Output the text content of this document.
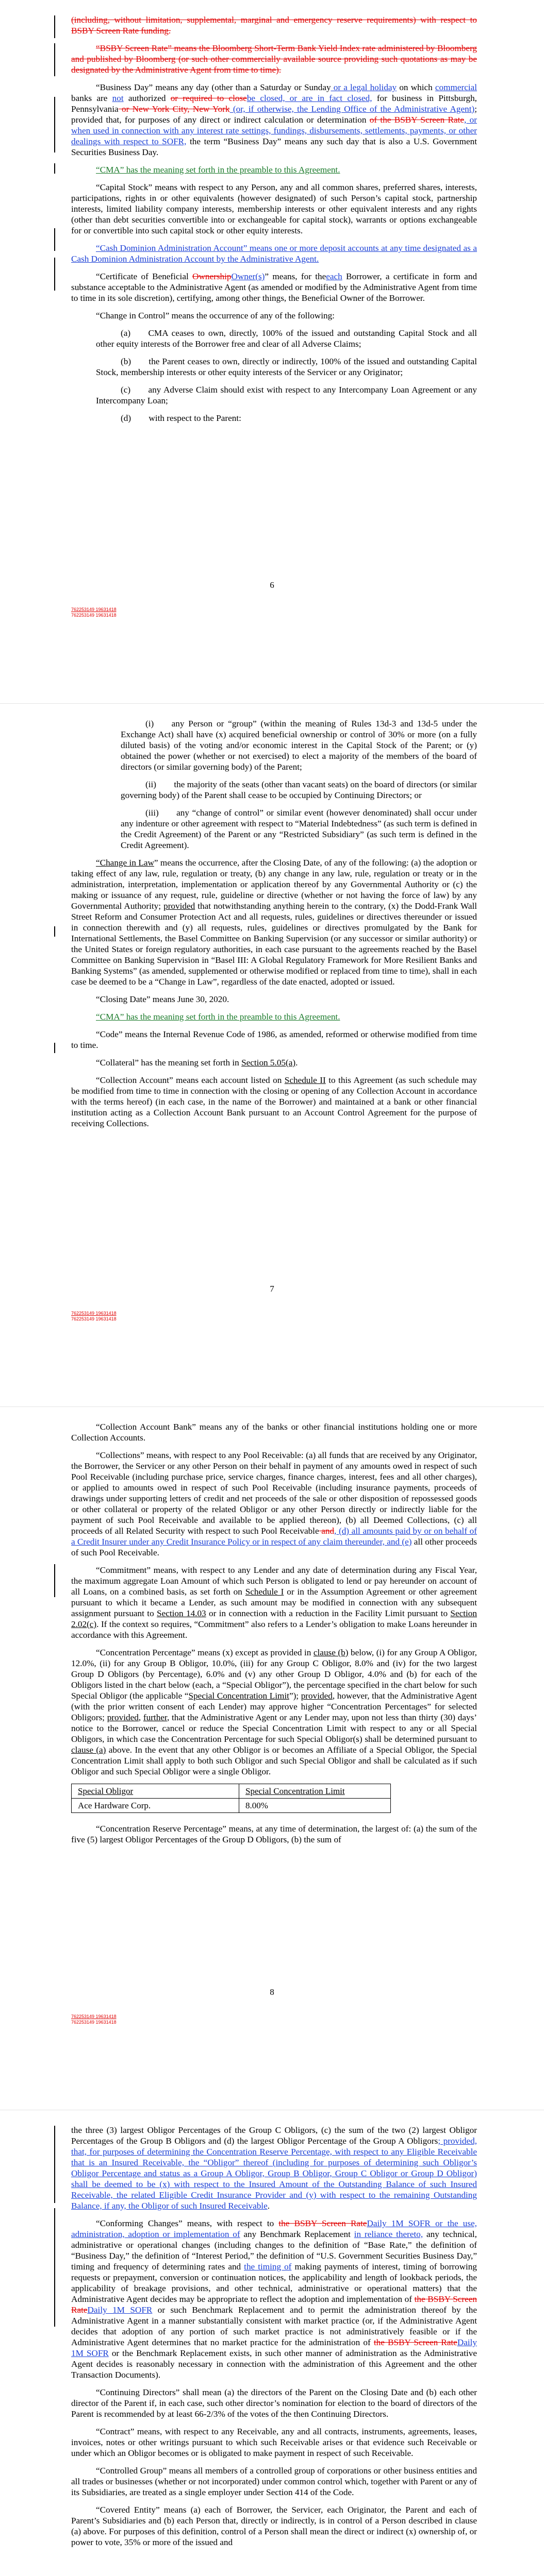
(including, without limitation, supplemental, marginal and emergency reserve requirements) with respect to BSBY Screen Rate funding.

“BSBY Screen Rate” means the Bloomberg Short-Term Bank Yield Index rate administered by Bloomberg and published by Bloomberg (or such other commercially available source providing such quotations as may be designated by the Administrative Agent from time to time).

“Business Day” means any day (other than a Saturday or Sunday or a legal holiday on which commercial banks are not authorized or required to closebe closed, or are in fact closed, for business in Pittsburgh, Pennsylvania or New York City, New York (or, if otherwise, the Lending Office of the Administrative Agent); provided that, for purposes of any direct or indirect calculation or determination of the BSBY Screen Rate, or when used in connection with any interest rate settings, fundings, disbursements, settlements, payments, or other dealings with respect to SOFR, the term “Business Day” means any such day that is also a U.S. Government Securities Business Day.

“CMA” has the meaning set forth in the preamble to this Agreement.

“Capital Stock” means with respect to any Person, any and all common shares, preferred shares, interests, participations, rights in or other equivalents (however designated) of such Person’s capital stock, partnership interests, limited liability company interests, membership interests or other equivalent interests and any rights (other than debt securities convertible into or exchangeable for capital stock), warrants or options exchangeable for or convertible into such capital stock or other equity interests.

“Cash Dominion Administration Account” means one or more deposit accounts at any time designated as a Cash Dominion Administration Account by the Administrative Agent.

“Certificate of Beneficial OwnershipOwner(s)” means, for theeach Borrower, a certificate in form and substance acceptable to the Administrative Agent (as amended or modified by the Administrative Agent from time to time in its sole discretion), certifying, among other things, the Beneficial Owner of the Borrower.

“Change in Control” means the occurrence of any of the following:

(a)  CMA ceases to own, directly, 100% of the issued and outstanding Capital Stock and all other equity interests of the Borrower free and clear of all Adverse Claims;

(b)  the Parent ceases to own, directly or indirectly, 100% of the issued and outstanding Capital Stock, membership interests or other equity interests of the Servicer or any Originator;

(c)  any Adverse Claim should exist with respect to any Intercompany Loan Agreement or any Intercompany Loan;

(d)  with respect to the Parent:

6
762253149 19631418
762253149 19631418

(i)  any Person or “group” (within the meaning of Rules 13d-3 and 13d-5 under the Exchange Act) shall have (x) acquired beneficial ownership or control of 30% or more (on a fully diluted basis) of the voting and/or economic interest in the Capital Stock of the Parent; or (y) obtained the power (whether or not exercised) to elect a majority of the members of the board of directors (or similar governing body) of the Parent;

(ii)  the majority of the seats (other than vacant seats) on the board of directors (or similar governing body) of the Parent shall cease to be occupied by Continuing Directors; or

(iii)  any “change of control” or similar event (however denominated) shall occur under any indenture or other agreement with respect to “Material Indebtedness” (as such term is defined in the Credit Agreement) of the Parent or any “Restricted Subsidiary” (as such term is defined in the Credit Agreement).

“Change in Law” means the occurrence, after the Closing Date, of any of the following: (a) the adoption or taking effect of any law, rule, regulation or treaty, (b) any change in any law, rule, regulation or treaty or in the administration, interpretation, implementation or application thereof by any Governmental Authority or (c) the making or issuance of any request, rule, guideline or directive (whether or not having the force of law) by any Governmental Authority; provided that notwithstanding anything herein to the contrary, (x) the Dodd-Frank Wall Street Reform and Consumer Protection Act and all requests, rules, guidelines or directives thereunder or issued in connection therewith and (y) all requests, rules, guidelines or directives promulgated by the Bank for International Settlements, the Basel Committee on Banking Supervision (or any successor or similar authority) or the United States or foreign regulatory authorities, in each case pursuant to the agreements reached by the Basel Committee on Banking Supervision in “Basel III: A Global Regulatory Framework for More Resilient Banks and Banking Systems” (as amended, supplemented or otherwise modified or replaced from time to time), shall in each case be deemed to be a “Change in Law”, regardless of the date enacted, adopted or issued.

“Closing Date” means June 30, 2020.

“CMA” has the meaning set forth in the preamble to this Agreement.

“Code” means the Internal Revenue Code of 1986, as amended, reformed or otherwise modified from time to time.

“Collateral” has the meaning set forth in Section 5.05(a).

“Collection Account” means each account listed on Schedule II to this Agreement (as such schedule may be modified from time to time in connection with the closing or opening of any Collection Account in accordance with the terms hereof) (in each case, in the name of the Borrower) and maintained at a bank or other financial institution acting as a Collection Account Bank pursuant to an Account Control Agreement for the purpose of receiving Collections.

7
762253149 19631418
762253149 19631418

“Collection Account Bank” means any of the banks or other financial institutions holding one or more Collection Accounts.

“Collections” means, with respect to any Pool Receivable: (a) all funds that are received by any Originator, the Borrower, the Servicer or any other Person on their behalf in payment of any amounts owed in respect of such Pool Receivable (including purchase price, service charges, finance charges, interest, fees and all other charges), or applied to amounts owed in respect of such Pool Receivable (including insurance payments, proceeds of drawings under supporting letters of credit and net proceeds of the sale or other disposition of repossessed goods or other collateral or property of the related Obligor or any other Person directly or indirectly liable for the payment of such Pool Receivable and available to be applied thereon), (b) all Deemed Collections, (c) all proceeds of all Related Security with respect to such Pool Receivable and, (d) all amounts paid by or on behalf of a Credit Insurer under any Credit Insurance Policy or in respect of any claim thereunder, and (e) all other proceeds of such Pool Receivable.

“Commitment” means, with respect to any Lender and any date of determination during any Fiscal Year, the maximum aggregate Loan Amount of which such Person is obligated to lend or pay hereunder on account of all Loans, on a combined basis, as set forth on Schedule I or in the Assumption Agreement or other agreement pursuant to which it became a Lender, as such amount may be modified in connection with any subsequent assignment pursuant to Section 14.03 or in connection with a reduction in the Facility Limit pursuant to Section 2.02(c). If the context so requires, “Commitment” also refers to a Lender’s obligation to make Loans hereunder in accordance with this Agreement.

“Concentration Percentage” means (x) except as provided in clause (b) below, (i) for any Group A Obligor, 12.0%, (ii) for any Group B Obligor, 10.0%, (iii) for any Group C Obligor, 8.0% and (iv) for the two largest Group D Obligors (by Percentage), 6.0% and (v) any other Group D Obligor, 4.0% and (b) for each of the Obligors listed in the chart below (each, a “Special Obligor”), the percentage specified in the chart below for such Special Obligor (the applicable “Special Concentration Limit”); provided, however, that the Administrative Agent (with the prior written consent of each Lender) may approve higher “Concentration Percentages” for selected Obligors; provided, further, that the Administrative Agent or any Lender may, upon not less than thirty (30) days’ notice to the Borrower, cancel or reduce the Special Concentration Limit with respect to any or all Special Obligors, in which case the Concentration Percentage for such Special Obligor(s) shall be determined pursuant to clause (a) above. In the event that any other Obligor is or becomes an Affiliate of a Special Obligor, the Special Concentration Limit shall apply to both such Obligor and such Special Obligor and shall be calculated as if such Obligor and such Special Obligor were a single Obligor.

Special Obligor	Special Concentration Limit
Ace Hardware Corp.	8.00%

“Concentration Reserve Percentage” means, at any time of determination, the largest of: (a) the sum of the five (5) largest Obligor Percentages of the Group D Obligors, (b) the sum of

8
762253149 19631418
762253149 19631418

the three (3) largest Obligor Percentages of the Group C Obligors, (c) the sum of the two (2) largest Obligor Percentages of the Group B Obligors and (d) the largest Obligor Percentage of the Group A Obligors; provided, that, for purposes of determining the Concentration Reserve Percentage, with respect to any Eligible Receivable that is an Insured Receivable, the “Obligor” thereof (including for purposes of determining such Obligor’s Obligor Percentage and status as a Group A Obligor, Group B Obligor, Group C Obligor or Group D Obligor) shall be deemed to be (x) with respect to the Insured Amount of the Outstanding Balance of such Insured Receivable, the related Eligible Credit Insurance Provider and (y) with respect to the remaining Outstanding Balance, if any, the Obligor of such Insured Receivable.

“Conforming Changes” means, with respect to the BSBY Screen RateDaily 1M SOFR or the use, administration, adoption or implementation of any Benchmark Replacement in reliance thereto, any technical, administrative or operational changes (including changes to the definition of “Base Rate,” the definition of “Business Day,” the definition of “Interest Period,” the definition of “U.S. Government Securities Business Day,” timing and frequency of determining rates and the timing of making payments of interest, timing of borrowing requests or prepayment, conversion or continuation notices, the applicability and length of lookback periods, the applicability of breakage provisions, and other technical, administrative or operational matters) that the Administrative Agent decides may be appropriate to reflect the adoption and implementation of the BSBY Screen RateDaily 1M SOFR or such Benchmark Replacement and to permit the administration thereof by the Administrative Agent in a manner substantially consistent with market practice (or, if the Administrative Agent decides that adoption of any portion of such market practice is not administratively feasible or if the Administrative Agent determines that no market practice for the administration of the BSBY Screen RateDaily 1M SOFR or the Benchmark Replacement exists, in such other manner of administration as the Administrative Agent decides is reasonably necessary in connection with the administration of this Agreement and the other Transaction Documents).

“Continuing Directors” shall mean (a) the directors of the Parent on the Closing Date and (b) each other director of the Parent if, in each case, such other director’s nomination for election to the board of directors of the Parent is recommended by at least 66-2/3% of the votes of the then Continuing Directors.

“Contract” means, with respect to any Receivable, any and all contracts, instruments, agreements, leases, invoices, notes or other writings pursuant to which such Receivable arises or that evidence such Receivable or under which an Obligor becomes or is obligated to make payment in respect of such Receivable.

“Controlled Group” means all members of a controlled group of corporations or other business entities and all trades or businesses (whether or not incorporated) under common control which, together with Parent or any of its Subsidiaries, are treated as a single employer under Section 414 of the Code.

“Covered Entity” means (a) each of Borrower, the Servicer, each Originator, the Parent and each of Parent’s Subsidiaries and (b) each Person that, directly or indirectly, is in control of a Person described in clause (a) above. For purposes of this definition, control of a Person shall mean the direct or indirect (x) ownership of, or power to vote, 35% or more of the issued and
